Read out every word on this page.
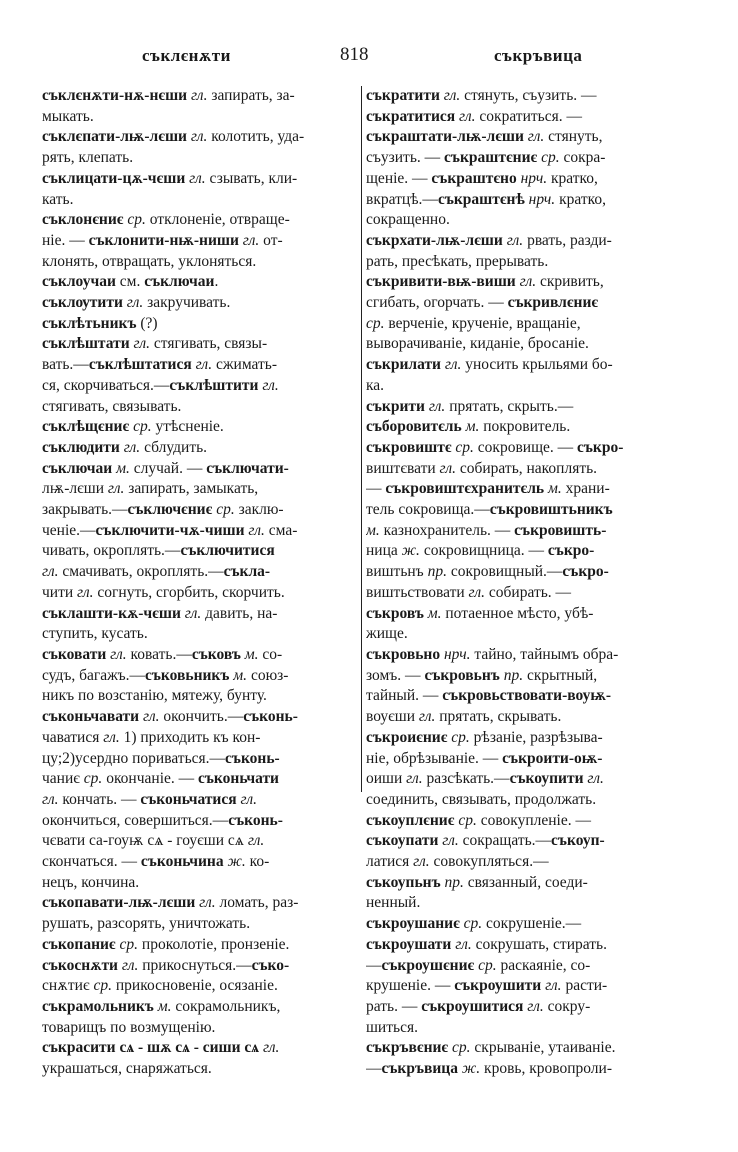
съклєнѫти	818	съкръвица
съклєнѫти-нѫ-нєши гл. запирать, за-
мыкать.
съклєпати-лѭ-лєши гл. колотить, уда-
рять, клепать.
съклицати-цѫ-чєши гл. сзывать, кли-
кать.
съклонєниє ср. отклоненіе, отвраще-
ніе. — съклонити-нѭ-ниши гл. от-
клонять, отвращать, уклоняться.
съклоучаи см. съключаи.
съклѹтити гл. закручивать.
съклѣтьникъ (?)
съклѣштати гл. стягивать, связы-
вать.—съклѣштатися гл. сжимать-
ся, скорчиваться.—съклѣштити гл.
стягивать, связывать.
съклѣщєниє ср. утѣсненіе.
съклюдити гл. сблудить.
съключаи м. случай. — съключати-
лѭ-лєши гл. запирать, замыкать,
закрывать.—съключєниє ср. заклю-
ченіе.—съключити-чѫ-чиши гл. сма-
чивать, окроплять.—съключитися
гл. смачивать, окроплять.—съкла-
чити гл. согнуть, сгорбить, скорчить.
съклашти-кѫ-чєши гл. давить, на-
ступить, кусать.
съковати гл. ковать.—съковъ м. со-
судъ, багажъ.—съковьникъ м. союз-
никъ по возстанію, мятежу, бунту.
съконьчавати гл. окончить.—съконь-
чаватися гл. 1) приходить къ кон-
цу;2)усердно пориваться.—съконь-
чаниє ср. окончаніе. — съконьчати
гл. кончать. — съконьчатися гл.
окончиться, совершиться.—съконь-
чєвати са-гоуѭ сѧ - гоуєши сѧ гл.
скончаться. — съконьчина ж. ко-
нецъ, кончина.
съкопавати-лѭ-лєши гл. ломать, раз-
рушать, разсорять, уничтожать.
съкопаниє ср. проколотіе, пронзеніе.
съкоснѫти гл. прикоснуться.—съко-
снѫтиє ср. прикосновеніе, осязаніе.
съкрамольникъ м. сокрамольникъ,
товарищъ по возмущенію.
съкрасити сѧ - шѫ сѧ - сиши сѧ гл.
украшаться, снаряжаться.
съкратити гл. стянуть, съузить. —
съкратитися гл. сократиться. —
съкраштати-лѭ-лєши гл. стянуть,
съузить. — съкраштєниє ср. сокра-
щеніе. — съкраштєно нрч. кратко,
вкратцѣ.—съкраштєнѣ нрч. кратко,
сокращенно.
съкрхати-лѭ-лєши гл. рвать, разди-
рать, пресѣкать, прерывать.
съкривити-вѭ-виши гл. скривить,
сгибать, огорчать. — съкривлєниє
ср. верченіе, крученіе, вращаніе,
выворачиваніе, киданіе, бросаніе.
съкрилати гл. уносить крыльями бо-
ка.
съкрити гл. прятать, скрыть.—
съборовитєль м. покровитель.
съкровиштє ср. сокровище. — съкро-
виштєвати гл. собирать, накоплять.
— съкровиштєхранитєль м. храни-
тель сокровища.—съкровиштьникъ
м. казнохранитель. — съкровишть-
ница ж. сокровищница. — съкро-
виштьнъ пр. сокровищный.—съкро-
виштьствовати гл. собирать. —
съкровъ м. потаенное мѣсто, убѣ-
жище.
съкровьно нрч. тайно, тайнымъ обра-
зомъ. — съкровьнъ пр. скрытный,
тайный. — съкровьствовати-воуѭ-
воуєши гл. прятать, скрывать.
съкроиєниє ср. рѣзаніе, разрѣзыва-
ніе, обрѣзываніе. — съкроити-оѭ-
оиши гл. разсѣкать.—съкоупити гл.
соединить, связывать, продолжать.
съкоуплєниє ср. совокупленіе. —
съкоупати гл. сокращать.—съкоуп-
латися гл. совокупляться.—
съкоупьнъ пр. связанный, соеди-
ненный.
съкроушаниє ср. сокрушеніе.—
съкроушати гл. сокрушать, стирать.
—съкроушєниє ср. раскаяніе, со-
крушеніе. — съкроушити гл. расти-
рать. — съкроушитися гл. сокру-
шиться.
съкръвєниє ср. скрываніе, утаиваніе.
—съкръвица ж. кровь, кровопроли-
